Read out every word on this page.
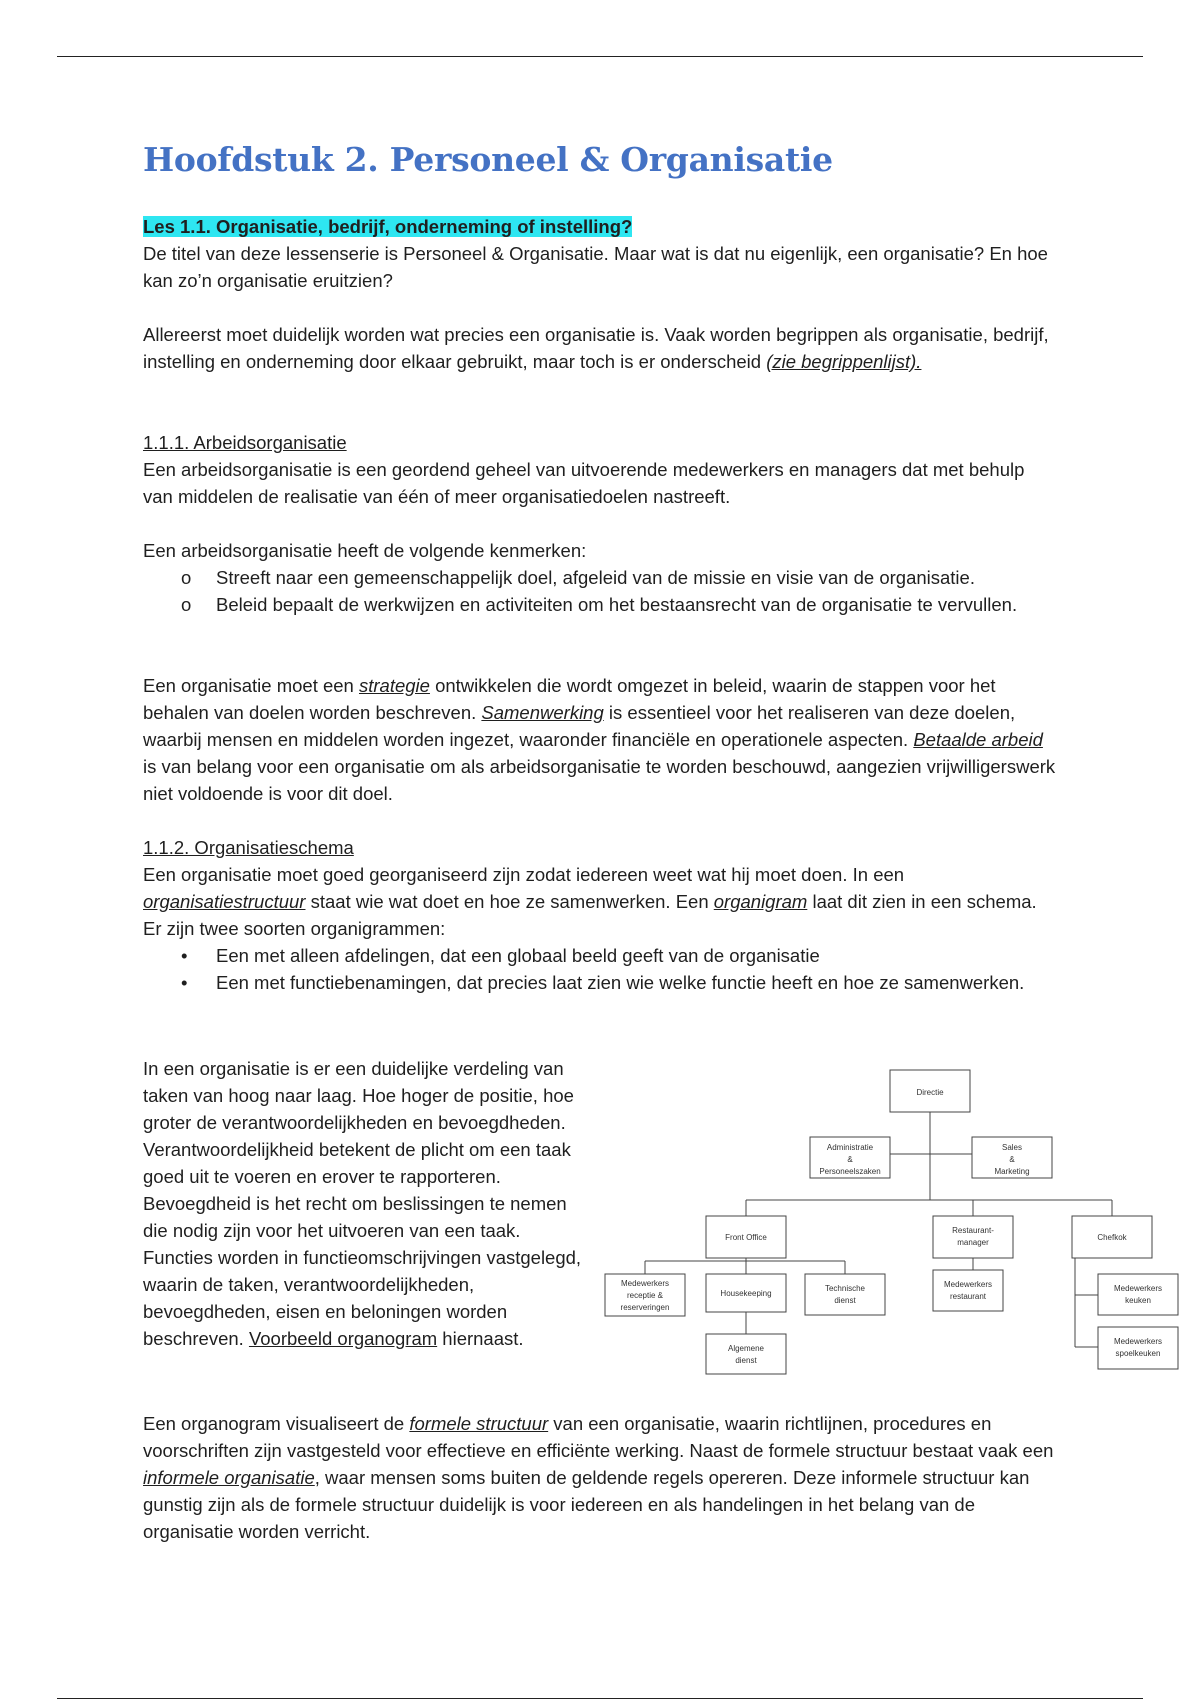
Hoofdstuk 2. Personeel & Organisatie

Les 1.1. Organisatie, bedrijf, onderneming of instelling?

De titel van deze lessenserie is Personeel & Organisatie. Maar wat is dat nu eigenlijk, een organisatie? En hoe kan zo’n organisatie eruitzien?

Allereerst moet duidelijk worden wat precies een organisatie is. Vaak worden begrippen als organisatie, bedrijf, instelling en onderneming door elkaar gebruikt, maar toch is er onderscheid (zie begrippenlijst).

1.1.1. Arbeidsorganisatie

Een arbeidsorganisatie is een geordend geheel van uitvoerende medewerkers en managers dat met behulp van middelen de realisatie van één of meer organisatiedoelen nastreeft.

Een arbeidsorganisatie heeft de volgende kenmerken:

o Streeft naar een gemeenschappelijk doel, afgeleid van de missie en visie van de organisatie.
o Beleid bepaalt de werkwijzen en activiteiten om het bestaansrecht van de organisatie te vervullen.

Een organisatie moet een strategie ontwikkelen die wordt omgezet in beleid, waarin de stappen voor het behalen van doelen worden beschreven. Samenwerking is essentieel voor het realiseren van deze doelen, waarbij mensen en middelen worden ingezet, waaronder financiële en operationele aspecten. Betaalde arbeid is van belang voor een organisatie om als arbeidsorganisatie te worden beschouwd, aangezien vrijwilligerswerk niet voldoende is voor dit doel.

1.1.2. Organisatieschema

Een organisatie moet goed georganiseerd zijn zodat iedereen weet wat hij moet doen. In een organisatiestructuur staat wie wat doet en hoe ze samenwerken. Een organigram laat dit zien in een schema. Er zijn twee soorten organigrammen:

• Een met alleen afdelingen, dat een globaal beeld geeft van de organisatie
• Een met functiebenamingen, dat precies laat zien wie welke functie heeft en hoe ze samenwerken.

In een organisatie is er een duidelijke verdeling van taken van hoog naar laag. Hoe hoger de positie, hoe groter de verantwoordelijkheden en bevoegdheden. Verantwoordelijkheid betekent de plicht om een taak goed uit te voeren en erover te rapporteren. Bevoegdheid is het recht om beslissingen te nemen die nodig zijn voor het uitvoeren van een taak. Functies worden in functieomschrijvingen vastgelegd, waarin de taken, verantwoordelijkheden, bevoegdheden, eisen en beloningen worden beschreven. Voorbeeld organogram hiernaast.

Een organogram visualiseert de formele structuur van een organisatie, waarin richtlijnen, procedures en voorschriften zijn vastgesteld voor effectieve en efficiënte werking. Naast de formele structuur bestaat vaak een informele organisatie, waar mensen soms buiten de geldende regels opereren. Deze informele structuur kan gunstig zijn als de formele structuur duidelijk is voor iedereen en als handelingen in het belang van de organisatie worden verricht.

Directie
Administratie
&
Personeelszaken
Sales
&
Marketing
Front Office
Restaurant-
manager
Chefkok
Medewerkers
receptie &
reserveringen
Housekeeping
Technische
dienst
Algemene
dienst
Medewerkers
restaurant
Medewerkers
keuken
Medewerkers
spoelkeuken
